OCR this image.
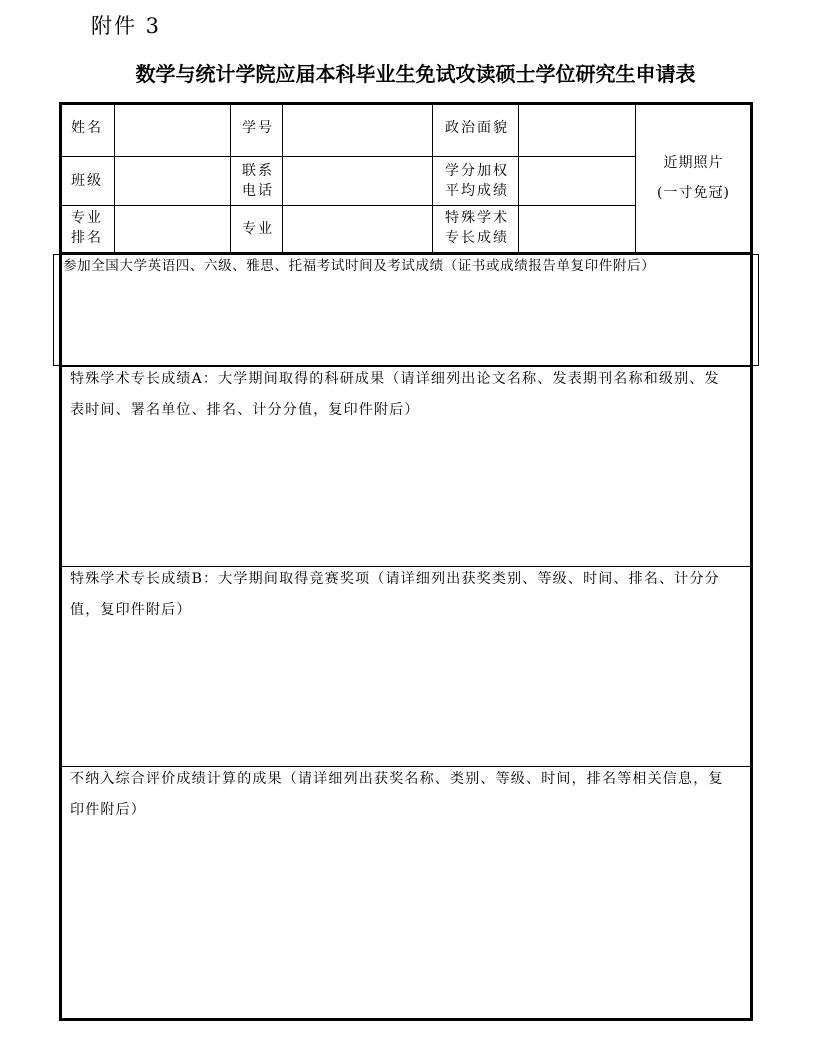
附件 3
数学与统计学院应届本科毕业生免试攻读硕士学位研究生申请表
姓名	学号	政治面貌
班级
联系
电话
学分加权
平均成绩
专业
排名
专业
特殊学术
专长成绩
近期照片
(一寸免冠)
参加全国大学英语四、六级、雅思、托福考试时间及考试成绩（证书或成绩报告单复印件附后）
特殊学术专长成绩A：大学期间取得的科研成果（请详细列出论文名称、发表期刊名称和级别、发
表时间、署名单位、排名、计分分值，复印件附后）
特殊学术专长成绩B：大学期间取得竞赛奖项（请详细列出获奖类别、等级、时间、排名、计分分
值，复印件附后）
不纳入综合评价成绩计算的成果（请详细列出获奖名称、类别、等级、时间，排名等相关信息，复
印件附后）
